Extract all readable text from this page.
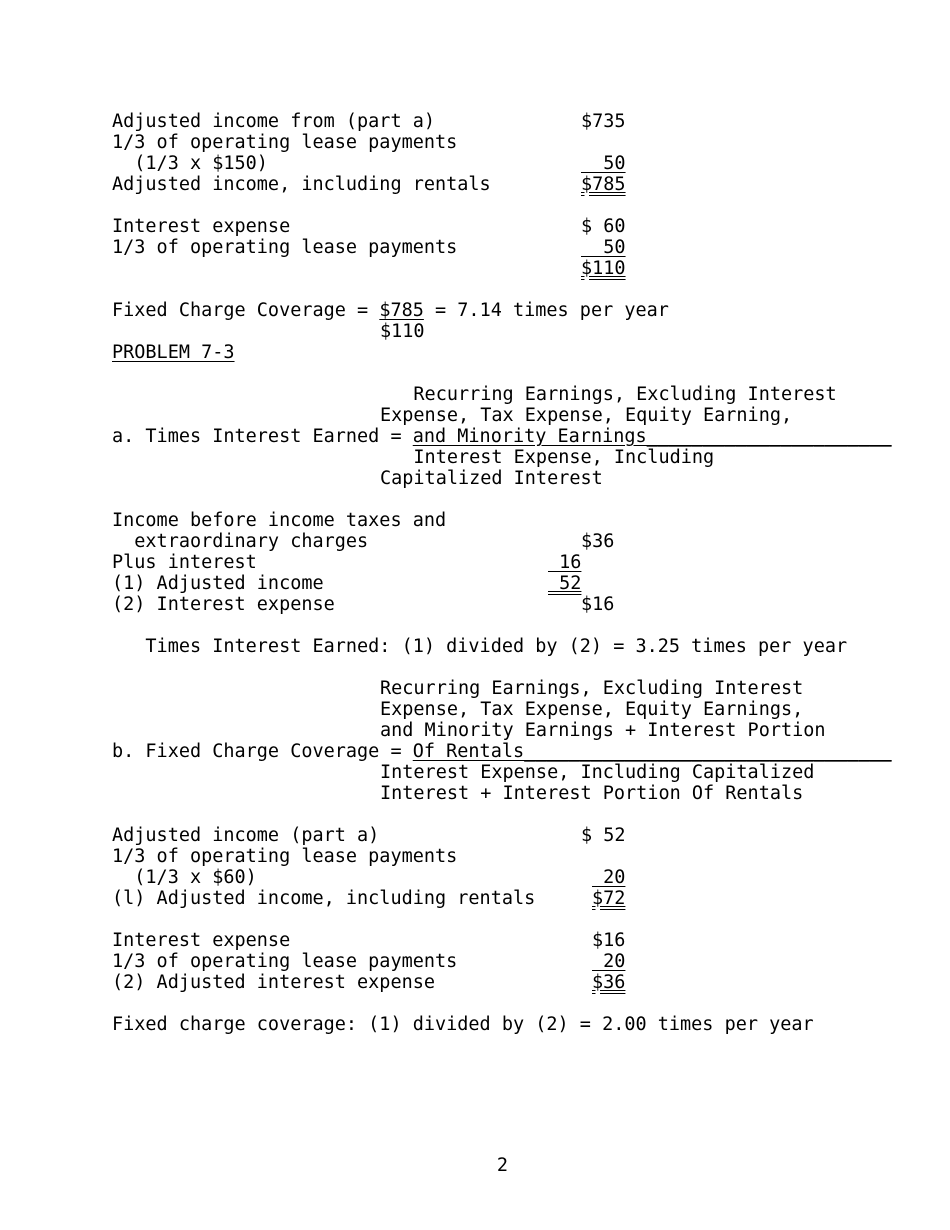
Adjusted income from (part a)	$735
1/3 of operating lease payments
(1/3 x $150)	50
Adjusted income, including rentals	$785
Interest expense	$ 60
1/3 of operating lease payments	50
$110
Fixed Charge Coverage = $785 = 7.14 times per year
$110
PROBLEM 7-3
Recurring Earnings, Excluding Interest
Expense, Tax Expense, Equity Earning,
a. Times Interest Earned = and Minority Earnings______________________
Interest Expense, Including
Capitalized Interest
Income before income taxes and
extraordinary charges	$36
Plus interest	16
(1) Adjusted income	52
(2) Interest expense	$16
Times Interest Earned: (1) divided by (2) = 3.25 times per year
Recurring Earnings, Excluding Interest
Expense, Tax Expense, Equity Earnings,
and Minority Earnings + Interest Portion
b. Fixed Charge Coverage = Of Rentals_________________________________
Interest Expense, Including Capitalized
Interest + Interest Portion Of Rentals
Adjusted income (part a)	$ 52
1/3 of operating lease payments
(1/3 x $60)	20
(l) Adjusted income, including rentals	$72
Interest expense	$16
1/3 of operating lease payments	20
(2) Adjusted interest expense	$36
Fixed charge coverage: (1) divided by (2) = 2.00 times per year
2
